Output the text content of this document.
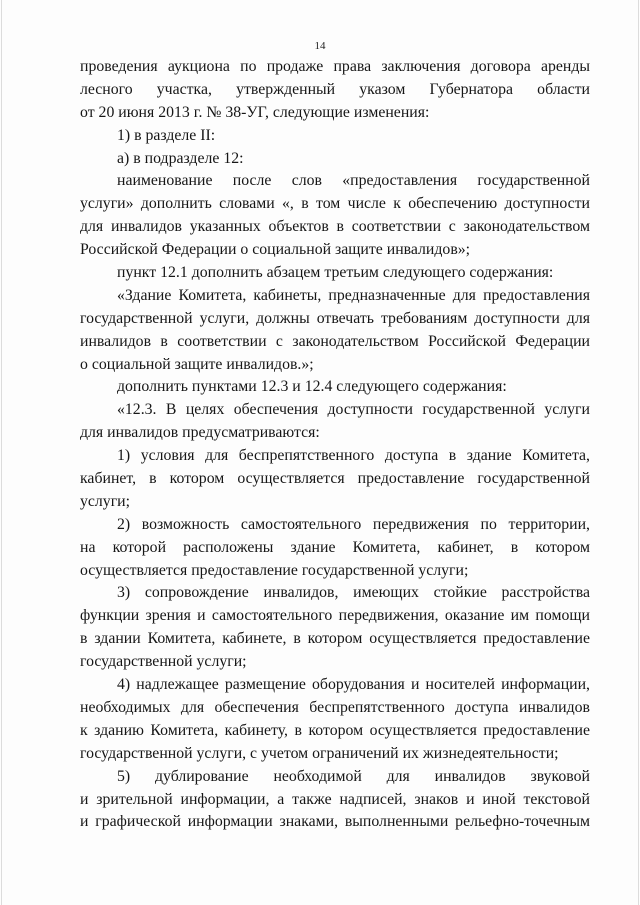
14
проведения аукциона по продаже права заключения договора аренды
лесного участка, утвержденный указом Губернатора области
от 20 июня 2013 г. № 38-УГ, следующие изменения:
1) в разделе II:
а) в подразделе 12:
наименование после слов «предоставления государственной
услуги» дополнить словами «, в том числе к обеспечению доступности
для инвалидов указанных объектов в соответствии с законодательством
Российской Федерации о социальной защите инвалидов»;
пункт 12.1 дополнить абзацем третьим следующего содержания:
«Здание Комитета, кабинеты, предназначенные для предоставления
государственной услуги, должны отвечать требованиям доступности для
инвалидов в соответствии с законодательством Российской Федерации
о социальной защите инвалидов.»;
дополнить пунктами 12.3 и 12.4 следующего содержания:
«12.3. В целях обеспечения доступности государственной услуги
для инвалидов предусматриваются:
1) условия для беспрепятственного доступа в здание Комитета,
кабинет, в котором осуществляется предоставление государственной
услуги;
2) возможность самостоятельного передвижения по территории,
на которой расположены здание Комитета, кабинет, в котором
осуществляется предоставление государственной услуги;
3) сопровождение инвалидов, имеющих стойкие расстройства
функции зрения и самостоятельного передвижения, оказание им помощи
в здании Комитета, кабинете, в котором осуществляется предоставление
государственной услуги;
4) надлежащее размещение оборудования и носителей информации,
необходимых для обеспечения беспрепятственного доступа инвалидов
к зданию Комитета, кабинету, в котором осуществляется предоставление
государственной услуги, с учетом ограничений их жизнедеятельности;
5) дублирование необходимой для инвалидов звуковой
и зрительной информации, а также надписей, знаков и иной текстовой
и графической информации знаками, выполненными рельефно-точечным
